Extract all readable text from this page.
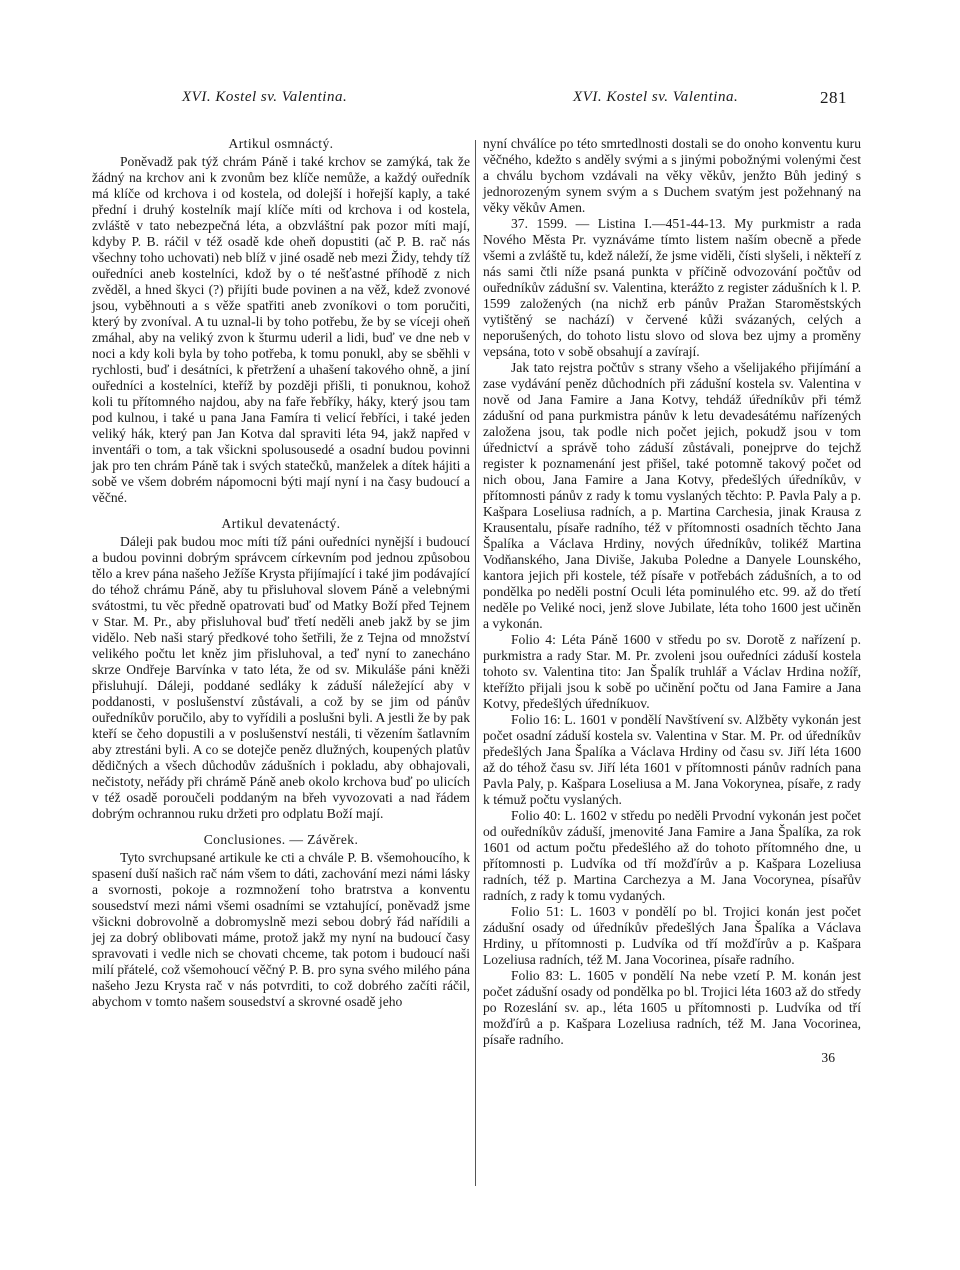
XVI. Kostel sv. Valentina.	XVI. Kostel sv. Valentina.	281
Artikul osmnáctý.

Poněvadž pak týž chrám Páně i také krchov se zamýká, tak že žádný na krchov ani k zvonům bez klíče nemůže, a každý ouředník má klíče od krchova i od kostela, od dolejší i hořejší kaply, a také přední i druhý kostelník mají klíče míti od krchova i od kostela, zvláště v tato nebezpečná léta, a obzvláštní pak pozor míti mají, kdyby P. B. ráčil v též osadě kde oheň dopustiti (ač P. B. rač nás všechny toho uchovati) neb blíž v jiné osadě neb mezi Židy, tehdy tíž ouředníci aneb kostelníci, kdož by o té nešťastné příhodě z nich zvěděl, a hned škyci (?) přijíti bude povinen a na věž, kdež zvonové jsou, vyběhnouti a s věže spatřiti aneb zvoníkovi o tom poručiti, který by zvoníval. A tu uznal-li by toho potřebu, že by se víceji oheň zmáhal, aby na veliký zvon k šturmu uderil a lidi, buď ve dne neb v noci a kdy koli byla by toho potřeba, k tomu ponukl, aby se sběhli v rychlosti, buď i desátníci, k přetržení a uhašení takového ohně, a jiní ouředníci a kostelníci, kteříž by později přišli, ti ponuknou, kohož koli tu přítomného najdou, aby na faře řebříky, háky, který jsou tam pod kulnou, i také u pana Jana Famíra ti velicí řebříci, i také jeden veliký hák, který pan Jan Kotva dal spraviti léta 94, jakž napřed v inventáři o tom, a tak všickni spolusousedé a osadní budou povinni jak pro ten chrám Páně tak i svých statečků, manželek a dítek hájiti a sobě ve všem dobrém nápomocni býti mají nyní i na časy budoucí a věčné.

Artikul devatenáctý.

Dáleji pak budou moc míti tíž páni ouředníci nynější i budoucí a budou povinni dobrým správcem církevním pod jednou způsobou tělo a krev pána našeho Ježíše Krysta přijímající i také jim podávající do téhož chrámu Páně, aby tu přisluhoval slovem Páně a velebnými svátostmi, tu věc předně opatrovati buď od Matky Boží před Tejnem v Star. M. Pr., aby přisluhoval buď třetí neděli aneb jakž by se jim vidělo. Neb naši starý předkové toho šetřili, že z Tejna od množství velikého počtu let kněz jim přisluhoval, a teď nyní to zanecháno skrze Ondřeje Barvínka v tato léta, že od sv. Mikuláše páni kněži přisluhují. Dáleji, poddané sedláky k záduší náležející aby v poddanosti, v poslušenství zůstávali, a což by se jim od pánův ouředníkův poručilo, aby to vyřídili a poslušni byli. A jestli že by pak kteří se čeho dopustili a v poslušenství nestáli, ti vězením šatlavním aby ztrestáni byli. A co se dotejče peněz dlužných, koupených platův dědičných a všech důchodův zádušních i pokladu, aby obhajovali, nečistoty, neřády při chrámě Páně aneb okolo krchova buď po ulicích v též osadě poroučeli poddaným na břeh vyvozovati a nad řádem dobrým ochrannou ruku držeti pro odplatu Boží mají.

Conclusiones. — Závěrek.

Tyto svrchupsané artikule ke cti a chvále P. B. všemohoucího, k spasení duší našich rač nám všem to dáti, zachování mezi námi lásky a svornosti, pokoje a rozmnožení toho bratrstva a konventu sousedství mezi námi všemi osadními se vztahující, poněvadž jsme všickni dobrovolně a dobromyslně mezi sebou dobrý řád nařídili a jej za dobrý oblibovati máme, protož jakž my nyní na budoucí časy spravovati i vedle nich se chovati chceme, tak potom i budoucí naši milí přátelé, což všemohoucí věčný P. B. pro syna svého milého pána našeho Jezu Krysta rač v nás potvrditi, to což dobrého začíti ráčil, abychom v tomto našem sousedství a skrovné osadě jeho

nyní chválíce po této smrtedlnosti dostali se do onoho konventu kuru věčného, kdežto s anděly svými a s jinými pobožnými volenými čest a chválu bychom vzdávali na věky věkův, jenžto Bůh jediný s jednorozeným synem svým a s Duchem svatým jest požehnaný na věky věkův Amen.

37. 1599. — Listina I.—451-44-13. My purkmistr a rada Nového Města Pr. vyznáváme tímto listem naším obecně a přede všemi a zvláště tu, kdež náleží, že jsme viděli, čísti slyšeli, i někteří z nás sami čtli níže psaná punkta v příčině odvozování počtův od ouředníkův zádušní sv. Valentina, kterážto z register zádušních k l. P. 1599 založených (na nichž erb pánův Pražan Staroměstských vytištěný se nachází) v červené kůži svázaných, celých a neporušených, do tohoto listu slovo od slova bez ujmy a proměny vepsána, toto v sobě obsahují a zavírají.

Jak tato rejstra počtův s strany všeho a všelijakého přijímání a zase vydávání peněz důchodních při zádušní kostela sv. Valentina v nově od Jana Famire a Jana Kotvy, tehdáž úředníkův při témž zádušní od pana purkmistra pánův k letu devadesátému nařízených založena jsou, tak podle nich počet jejich, pokudž jsou v tom úřednictví a správě toho záduší zůstávali, ponejprve do tejchž register k poznamenání jest přišel, také potomně takový počet od nich obou, Jana Famire a Jana Kotvy, předešlých úředníkův, v přítomnosti pánův z rady k tomu vyslaných těchto: P. Pavla Paly a p. Kašpara Loseliusa radních, a p. Martina Carchesia, jinak Krausa z Krausentalu, písaře radního, též v přítomnosti osadních těchto Jana Špalíka a Václava Hrdiny, nových úředníkův, tolikéž Martina Vodňanského, Jana Diviše, Jakuba Poledne a Danyele Lounského, kantora jejich při kostele, též písaře v potřebách zádušních, a to od pondělka po neděli postní Oculi léta pominulého etc. 99. až do třetí neděle po Veliké noci, jenž slove Jubilate, léta toho 1600 jest učiněn a vykonán.

Folio 4: Léta Páně 1600 v středu po sv. Dorotě z nařízení p. purkmistra a rady Star. M. Pr. zvoleni jsou ouředníci záduší kostela tohoto sv. Valentina tito: Jan Špalík truhlář a Václav Hrdina nožíř, kteřížto přijali jsou k sobě po učinění počtu od Jana Famire a Jana Kotvy, předešlých úředníkuov.

Folio 16: L. 1601 v pondělí Navštívení sv. Alžběty vykonán jest počet osadní záduší kostela sv. Valentina v Star. M. Pr. od úředníkův předešlých Jana Špalíka a Václava Hrdiny od času sv. Jiří léta 1600 až do téhož času sv. Jiří léta 1601 v přítomnosti pánův radních pana Pavla Paly, p. Kašpara Loseliusa a M. Jana Vokorynea, písaře, z rady k témuž počtu vyslaných.

Folio 40: L. 1602 v středu po neděli Prvodní vykonán jest počet od ouředníkův záduší, jmenovité Jana Famire a Jana Špalíka, za rok 1601 od actum počtu předešlého až do tohoto přítomného dne, u přítomnosti p. Ludvíka od tří možďírův a p. Kašpara Lozeliusa radních, též p. Martina Carchezya a M. Jana Vocorynea, písařův radních, z rady k tomu vydaných.

Folio 51: L. 1603 v pondělí po bl. Trojici konán jest počet zádušní osady od úředníkův předešlých Jana Špalíka a Václava Hrdiny, u přítomnosti p. Ludvíka od tří možďírův a p. Kašpara Lozeliusa radních, též M. Jana Vocorinea, písaře radního.

Folio 83: L. 1605 v pondělí Na nebe vzetí P. M. konán jest počet zádušní osady od pondělka po bl. Trojici léta 1603 až do středy po Rozeslání sv. ap., léta 1605 u přítomnosti p. Ludvíka od tří možďírů a p. Kašpara Lozeliusa radních, též M. Jana Vocorinea, písaře radního.

36
